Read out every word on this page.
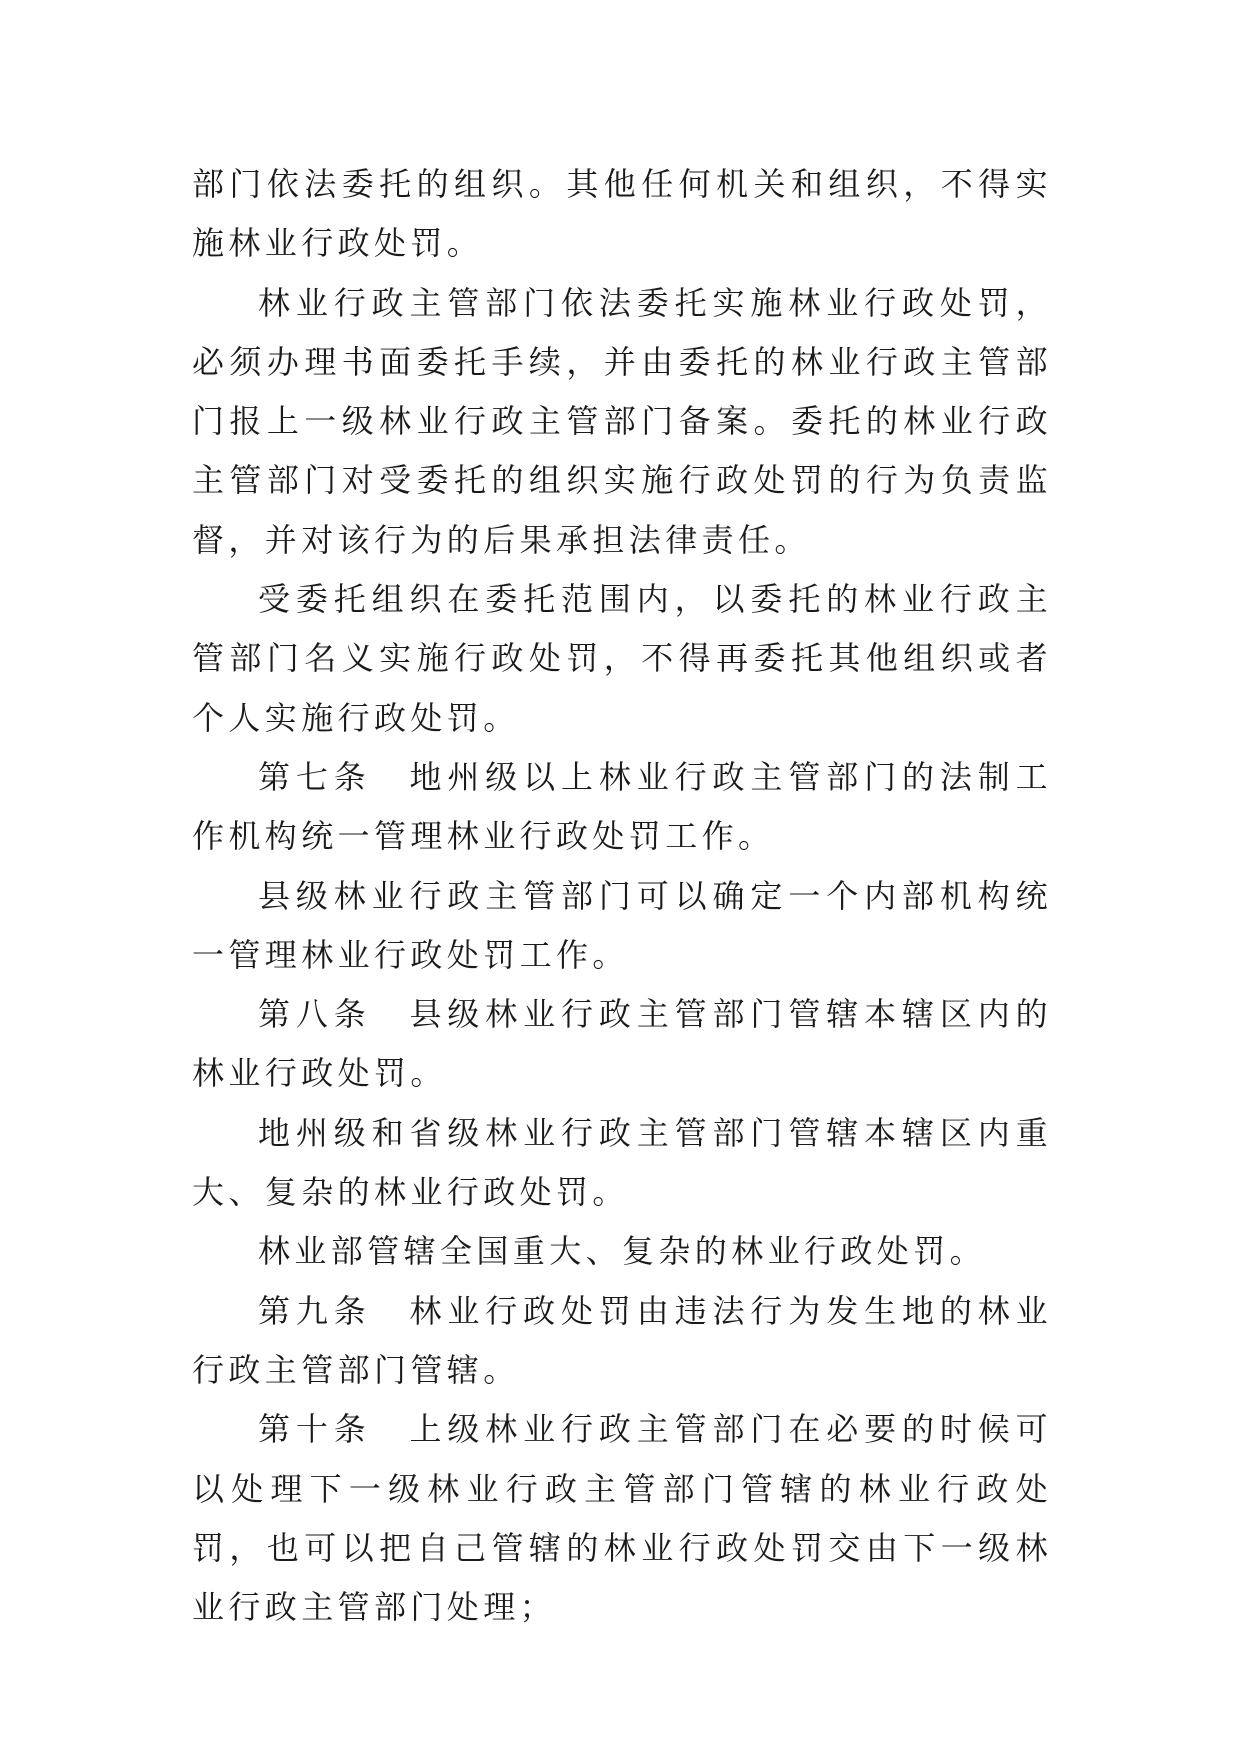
部门依法委托的组织。其他任何机关和组织，不得实施林业行政处罚。

林业行政主管部门依法委托实施林业行政处罚，必须办理书面委托手续，并由委托的林业行政主管部门报上一级林业行政主管部门备案。委托的林业行政主管部门对受委托的组织实施行政处罚的行为负责监督，并对该行为的后果承担法律责任。

受委托组织在委托范围内，以委托的林业行政主管部门名义实施行政处罚，不得再委托其他组织或者个人实施行政处罚。

第七条　地州级以上林业行政主管部门的法制工作机构统一管理林业行政处罚工作。

县级林业行政主管部门可以确定一个内部机构统一管理林业行政处罚工作。

第八条　县级林业行政主管部门管辖本辖区内的林业行政处罚。

地州级和省级林业行政主管部门管辖本辖区内重大、复杂的林业行政处罚。

林业部管辖全国重大、复杂的林业行政处罚。

第九条　林业行政处罚由违法行为发生地的林业行政主管部门管辖。

第十条　上级林业行政主管部门在必要的时候可以处理下一级林业行政主管部门管辖的林业行政处罚，也可以把自己管辖的林业行政处罚交由下一级林业行政主管部门处理；
